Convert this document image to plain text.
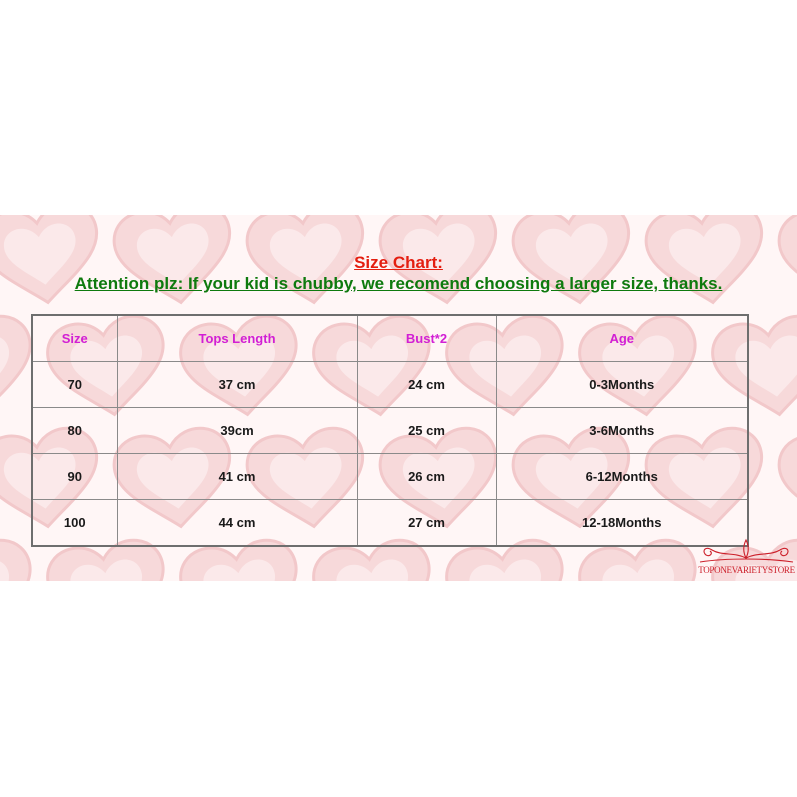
Size Chart:
Attention plz: If your kid is chubby, we recomend choosing a larger size, thanks.
Size	Tops Length	Bust*2	Age
70	37 cm	24 cm	0-3Months
80	39cm	25 cm	3-6Months
90	41 cm	26 cm	6-12Months
100	44 cm	27 cm	12-18Months
TOPONEVARIETYSTORE
